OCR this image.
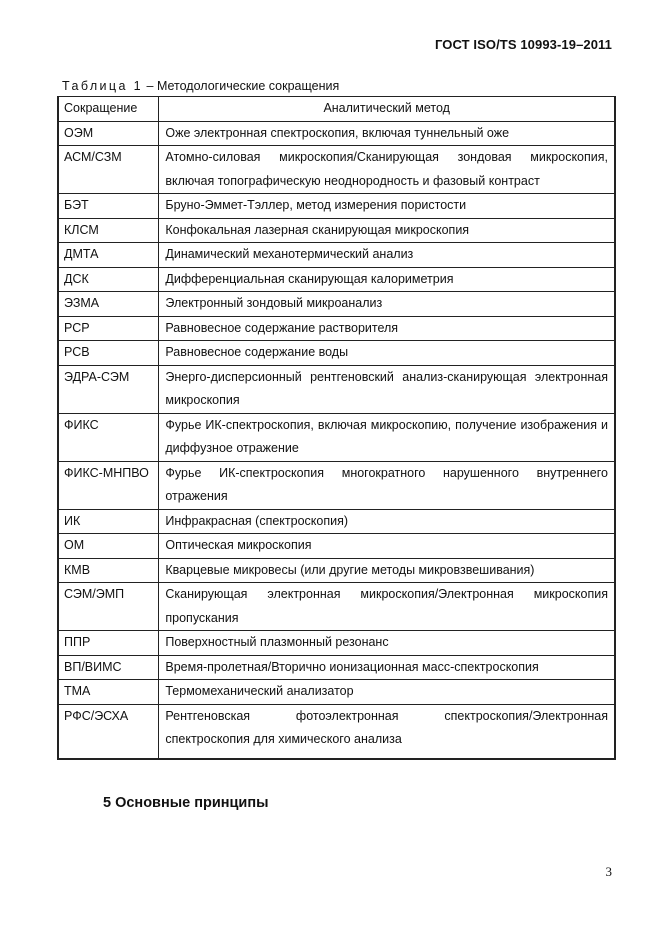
ГОСТ ISO/TS 10993-19–2011
Таблица 1 – Методологические сокращения
Сокращение	Аналитический метод
ОЭМ	Оже электронная спектроскопия, включая туннельный оже
АСМ/СЗМ	Атомно-силовая микроскопия/Сканирующая зондовая микроскопия, включая топографическую неоднородность и фазовый контраст
БЭТ	Бруно-Эммет-Тэллер, метод измерения пористости
КЛСМ	Конфокальная лазерная сканирующая микроскопия
ДМТА	Динамический механотермический анализ
ДСК	Дифференциальная сканирующая калориметрия
ЭЗМА	Электронный зондовый микроанализ
РСР	Равновесное содержание растворителя
РСВ	Равновесное содержание воды
ЭДРА-СЭМ	Энерго-дисперсионный рентгеновский анализ-сканирующая электронная микроскопия
ФИКС	Фурье ИК-спектроскопия, включая микроскопию, получение изображения и диффузное отражение
ФИКС-МНПВО	Фурье ИК-спектроскопия многократного нарушенного внутреннего отражения
ИК	Инфракрасная (спектроскопия)
ОМ	Оптическая микроскопия
КМВ	Кварцевые микровесы (или другие методы микровзвешивания)
СЭМ/ЭМП	Сканирующая электронная микроскопия/Электронная микроскопия пропускания
ППР	Поверхностный плазмонный резонанс
ВП/ВИМС	Время-пролетная/Вторично ионизационная масс-спектроскопия
ТМА	Термомеханический анализатор
РФС/ЭСХА	Рентгеновская фотоэлектронная спектроскопия/Электронная спектроскопия для химического анализа
5 Основные принципы
3
